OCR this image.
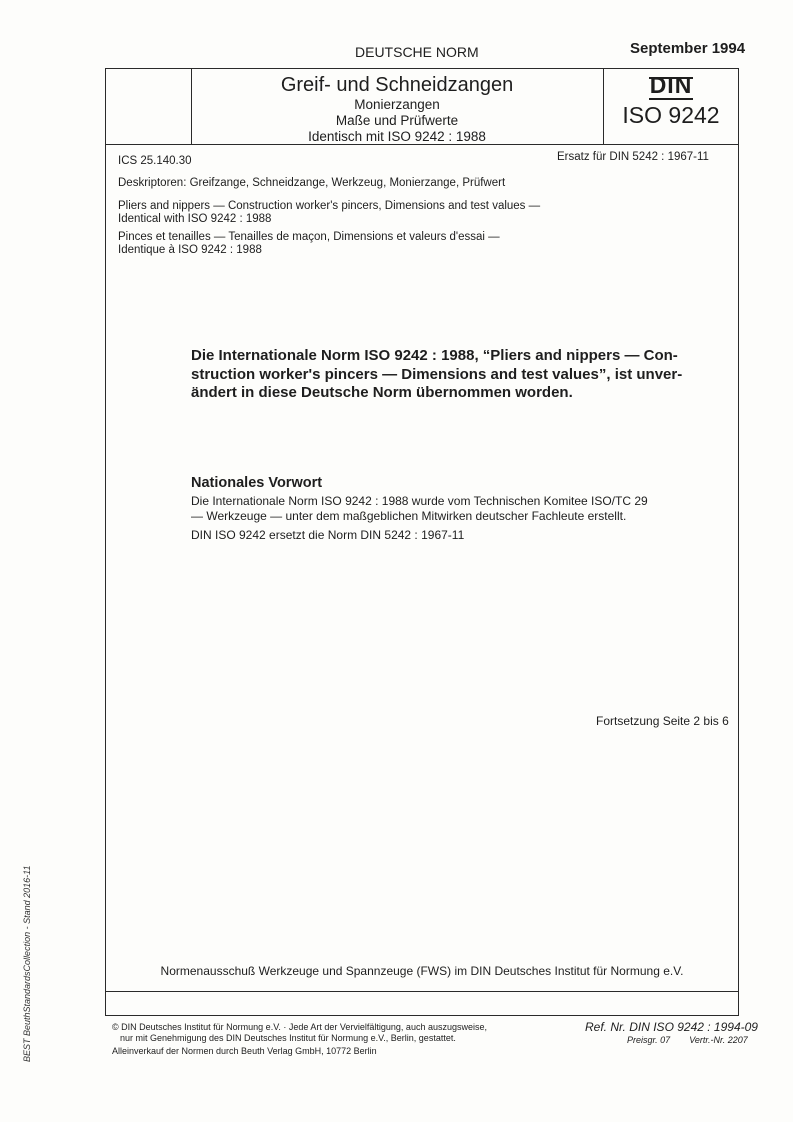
DEUTSCHE NORM	September 1994
Greif- und Schneidzangen
Monierzangen
Maße und Prüfwerte
Identisch mit ISO 9242 : 1988
DIN
ISO 9242
ICS 25.140.30	Ersatz für DIN 5242 : 1967-11
Deskriptoren: Greifzange, Schneidzange, Werkzeug, Monierzange, Prüfwert
Pliers and nippers — Construction worker's pincers, Dimensions and test values —
Identical with ISO 9242 : 1988
Pinces et tenailles — Tenailles de maçon, Dimensions et valeurs d'essai —
Identique à ISO 9242 : 1988
Die Internationale Norm ISO 9242 : 1988, “Pliers and nippers — Con-
struction worker's pincers — Dimensions and test values”, ist unver-
ändert in diese Deutsche Norm übernommen worden.
Nationales Vorwort
Die Internationale Norm ISO 9242 : 1988 wurde vom Technischen Komitee ISO/TC 29
— Werkzeuge — unter dem maßgeblichen Mitwirken deutscher Fachleute erstellt.
DIN ISO 9242 ersetzt die Norm DIN 5242 : 1967-11
Fortsetzung Seite 2 bis 6
Normenausschuß Werkzeuge und Spannzeuge (FWS) im DIN Deutsches Institut für Normung e.V.
© DIN Deutsches Institut für Normung e.V. · Jede Art der Vervielfältigung, auch auszugsweise,
nur mit Genehmigung des DIN Deutsches Institut für Normung e.V., Berlin, gestattet.
Alleinverkauf der Normen durch Beuth Verlag GmbH, 10772 Berlin
Ref. Nr. DIN ISO 9242 : 1994-09
Preisgr. 07 Vertr.-Nr. 2207
BEST BeuthStandardsCollection - Stand 2016-11
